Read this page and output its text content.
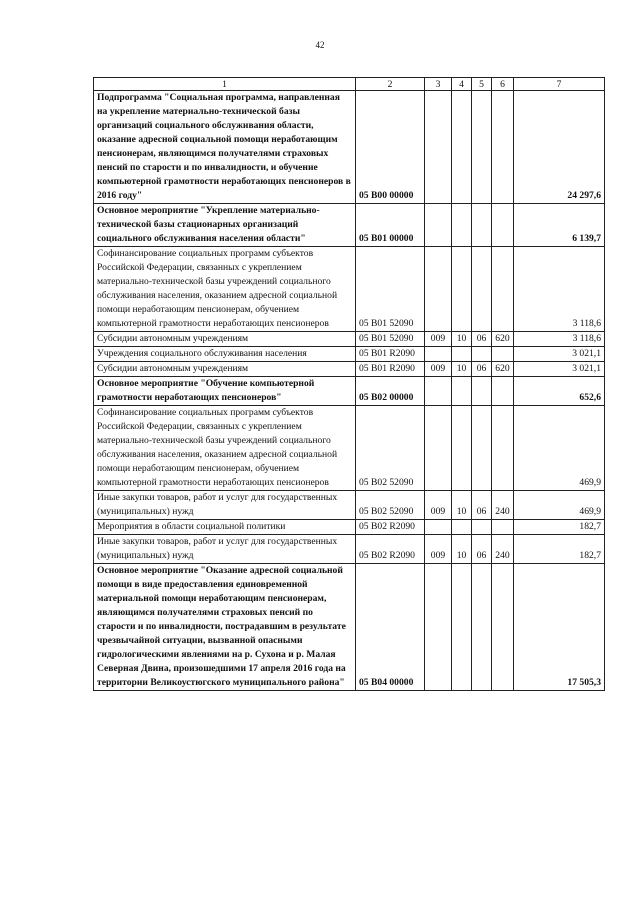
42
1	2	3	4	5	6	7
Подпрограмма "Социальная программа, направленная на укрепление материально-технической базы организаций социального обслуживания области, оказание адресной социальной помощи неработающим пенсионерам, являющимся получателями страховых пенсий по старости и по инвалидности, и обучение компьютерной грамотности неработающих пенсионеров в 2016 году"	05 В00 00000					24 297,6
Основное мероприятие "Укрепление материально-технической базы стационарных организаций социального обслуживания населения области"	05 В01 00000					6 139,7
Софинансирование социальных программ субъектов Российской Федерации, связанных с укреплением материально-технической базы учреждений социального обслуживания населения, оказанием адресной социальной помощи неработающим пенсионерам, обучением компьютерной грамотности неработающих пенсионеров	05 В01 52090					3 118,6
Субсидии автономным учреждениям	05 В01 52090	009	10	06	620	3 118,6
Учреждения социального обслуживания населения	05 В01 R2090					3 021,1
Субсидии автономным учреждениям	05 В01 R2090	009	10	06	620	3 021,1
Основное мероприятие "Обучение компьютерной грамотности неработающих пенсионеров"	05 В02 00000					652,6
Софинансирование социальных программ субъектов Российской Федерации, связанных с укреплением материально-технической базы учреждений социального обслуживания населения, оказанием адресной социальной помощи неработающим пенсионерам, обучением компьютерной грамотности неработающих пенсионеров	05 В02 52090					469,9
Иные закупки товаров, работ и услуг для государственных (муниципальных) нужд	05 В02 52090	009	10	06	240	469,9
Мероприятия в области социальной политики	05 В02 R2090					182,7
Иные закупки товаров, работ и услуг для государственных (муниципальных) нужд	05 В02 R2090	009	10	06	240	182,7
Основное мероприятие "Оказание адресной социальной помощи в виде предоставления единовременной материальной помощи неработающим пенсионерам, являющимся получателями страховых пенсий по старости и по инвалидности, пострадавшим в результате чрезвычайной ситуации, вызванной опасными гидрологическими явлениями на р. Сухона и р. Малая Северная Двина, произошедшими 17 апреля 2016 года на территории Великоустюгского муниципального района"	05 В04 00000					17 505,3
